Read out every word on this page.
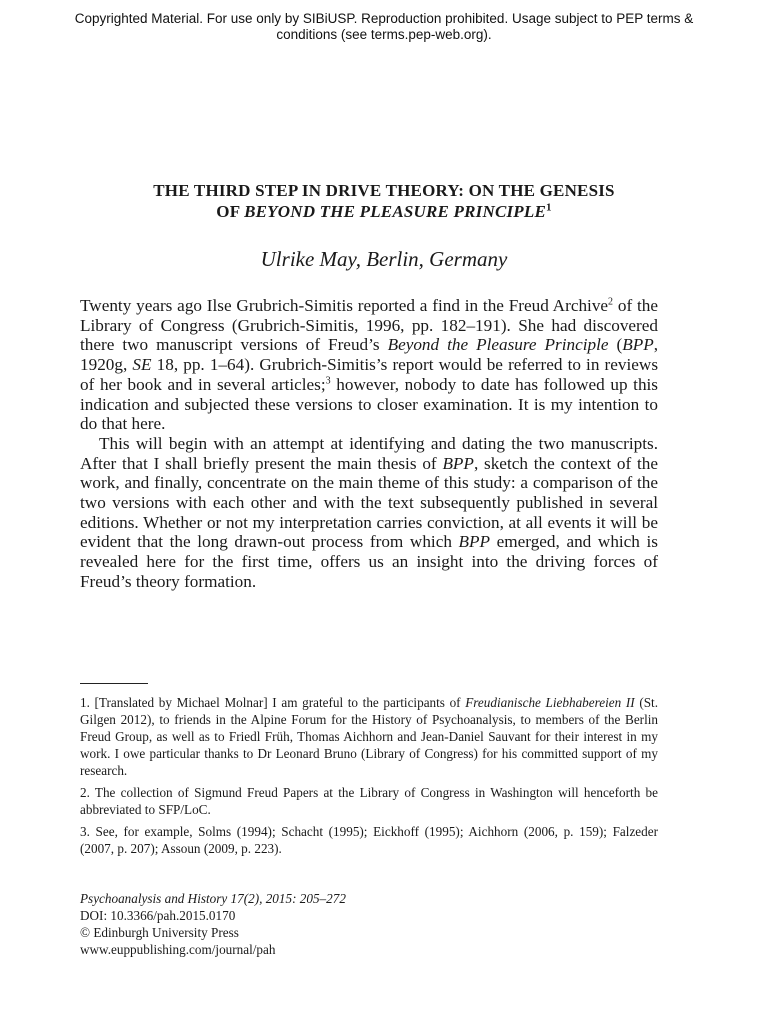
Copyrighted Material. For use only by SIBiUSP. Reproduction prohibited. Usage subject to PEP terms &
conditions (see terms.pep-web.org).
THE THIRD STEP IN DRIVE THEORY: ON THE GENESIS
OF BEYOND THE PLEASURE PRINCIPLE$^1$
Ulrike May, Berlin, Germany

Twenty years ago Ilse Grubrich-Simitis reported a find in the Freud Archive$^2$ of the Library of Congress (Grubrich-Simitis, 1996, pp. 182–191). She had discovered there two manuscript versions of Freud’s Beyond the Pleasure Principle (BPP, 1920g, SE 18, pp. 1–64). Grubrich-Simitis’s report would be referred to in reviews of her book and in several articles;$^3$ however, nobody to date has followed up this indication and subjected these versions to closer examination. It is my intention to do that here.

This will begin with an attempt at identifying and dating the two manuscripts. After that I shall briefly present the main thesis of BPP, sketch the context of the work, and finally, concentrate on the main theme of this study: a comparison of the two versions with each other and with the text subsequently published in several editions. Whether or not my interpretation carries conviction, at all events it will be evident that the long drawn-out process from which BPP emerged, and which is revealed here for the first time, offers us an insight into the driving forces of Freud’s theory formation.

1. [Translated by Michael Molnar] I am grateful to the participants of Freudianische Liebhabereien II (St. Gilgen 2012), to friends in the Alpine Forum for the History of Psychoanalysis, to members of the Berlin Freud Group, as well as to Friedl Früh, Thomas Aichhorn and Jean-Daniel Sauvant for their interest in my work. I owe particular thanks to Dr Leonard Bruno (Library of Congress) for his committed support of my research.

2. The collection of Sigmund Freud Papers at the Library of Congress in Washington will henceforth be abbreviated to SFP/LoC.

3. See, for example, Solms (1994); Schacht (1995); Eickhoff (1995); Aichhorn (2006, p. 159); Falzeder (2007, p. 207); Assoun (2009, p. 223).

Psychoanalysis and History 17(2), 2015: 205–272
DOI: 10.3366/pah.2015.0170
© Edinburgh University Press
www.euppublishing.com/journal/pah
